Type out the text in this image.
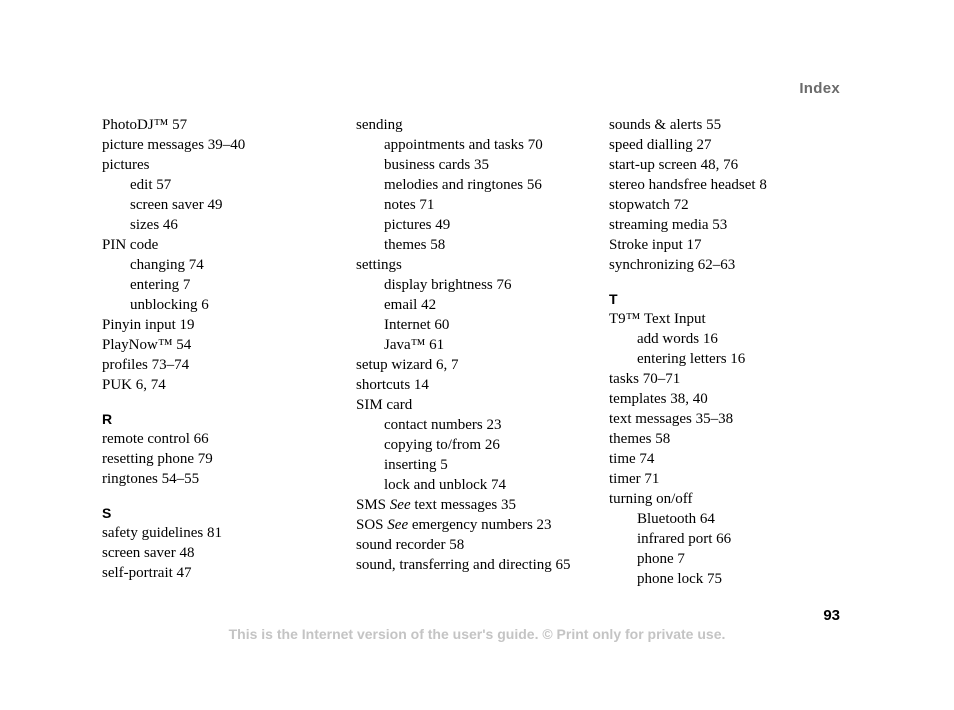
Index
PhotoDJ™ 57
picture messages 39–40
pictures
edit 57
screen saver 49
sizes 46
PIN code
changing 74
entering 7
unblocking 6
Pinyin input 19
PlayNow™ 54
profiles 73–74
PUK 6, 74
R
remote control 66
resetting phone 79
ringtones 54–55
S
safety guidelines 81
screen saver 48
self-portrait 47
sending
appointments and tasks 70
business cards 35
melodies and ringtones 56
notes 71
pictures 49
themes 58
settings
display brightness 76
email 42
Internet 60
Java™ 61
setup wizard 6, 7
shortcuts 14
SIM card
contact numbers 23
copying to/from 26
inserting 5
lock and unblock 74
SMS See text messages 35
SOS See emergency numbers 23
sound recorder 58
sound, transferring and directing 65
sounds & alerts 55
speed dialling 27
start-up screen 48, 76
stereo handsfree headset 8
stopwatch 72
streaming media 53
Stroke input 17
synchronizing 62–63
T
T9™ Text Input
add words 16
entering letters 16
tasks 70–71
templates 38, 40
text messages 35–38
themes 58
time 74
timer 71
turning on/off
Bluetooth 64
infrared port 66
phone 7
phone lock 75
93
This is the Internet version of the user's guide. © Print only for private use.
